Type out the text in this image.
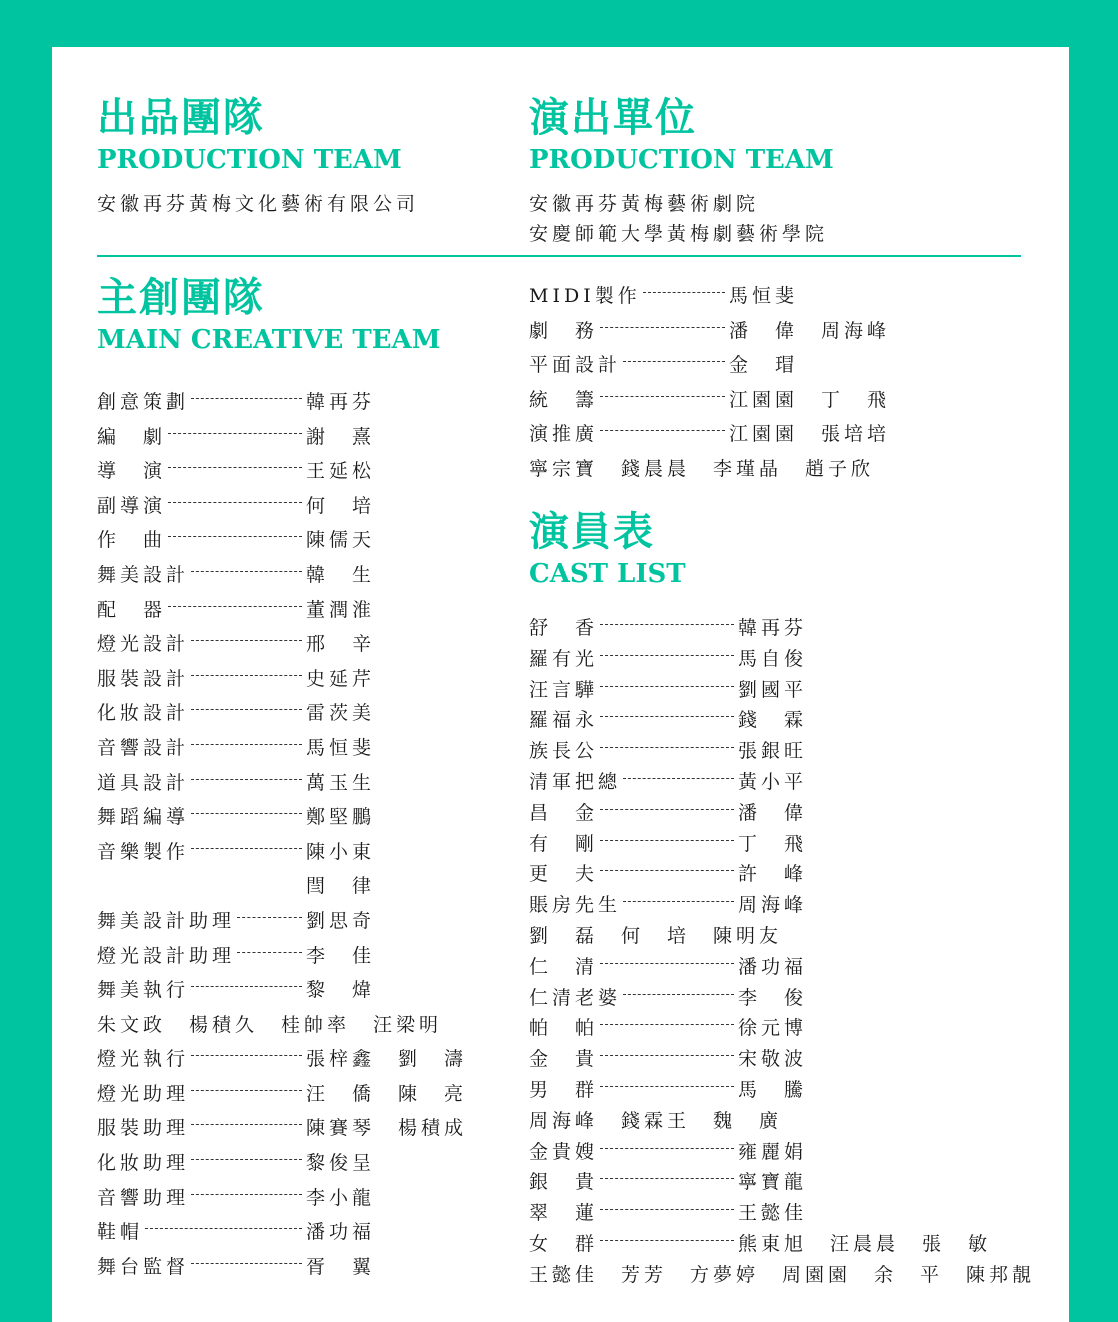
出品團隊
PRODUCTION TEAM
安徽再芬黃梅文化藝術有限公司
演出單位
PRODUCTION TEAM
安徽再芬黃梅藝術劇院
安慶師範大學黃梅劇藝術學院
主創團隊
MAIN CREATIVE TEAM
創意策劃	韓再芬
編　劇	謝　熹
導　演	王延松
副導演	何　培
作　曲	陳儒天
舞美設計	韓　生
配　器	董潤淮
燈光設計	邢　辛
服裝設計	史延芹
化妝設計	雷茨美
音響設計	馬恒斐
道具設計	萬玉生
舞蹈編導	鄭堅鵬
音樂製作	陳小東
閆　律
舞美設計助理	劉思奇
燈光設計助理	李　佳
舞美執行	黎　煒
朱文政　楊積久　桂帥率　汪梁明
燈光執行	張梓鑫　劉　濤
燈光助理	汪　僑　陳　亮
服裝助理	陳賽琴　楊積成
化妝助理	黎俊呈
音響助理	李小龍
鞋帽	潘功福
舞台監督	胥　翼
MIDI製作	馬恒斐
劇　務	潘　偉　周海峰
平面設計	金　瑁
統　籌	江園園　丁　飛
演推廣	江園園　張培培
寧宗寶　錢晨晨　李瑾晶　趙子欣
演員表
CAST LIST
舒　香	韓再芬
羅有光	馬自俊
汪言驊	劉國平
羅福永	錢　霖
族長公	張銀旺
清軍把總	黃小平
昌　金	潘　偉
有　剛	丁　飛
更　夫	許　峰
賬房先生	周海峰
劉　磊　何　培　陳明友
仁　清	潘功福
仁清老婆	李　俊
帕　帕	徐元博
金　貴	宋敬波
男　群	馬　騰
周海峰　錢霖王　魏　廣
金貴嫂	雍麗娟
銀　貴	寧寶龍
翠　蓮	王懿佳
女　群	熊東旭　汪晨晨　張　敏
王懿佳　芳芳　方夢婷　周園園　余　平　陳邦靚
